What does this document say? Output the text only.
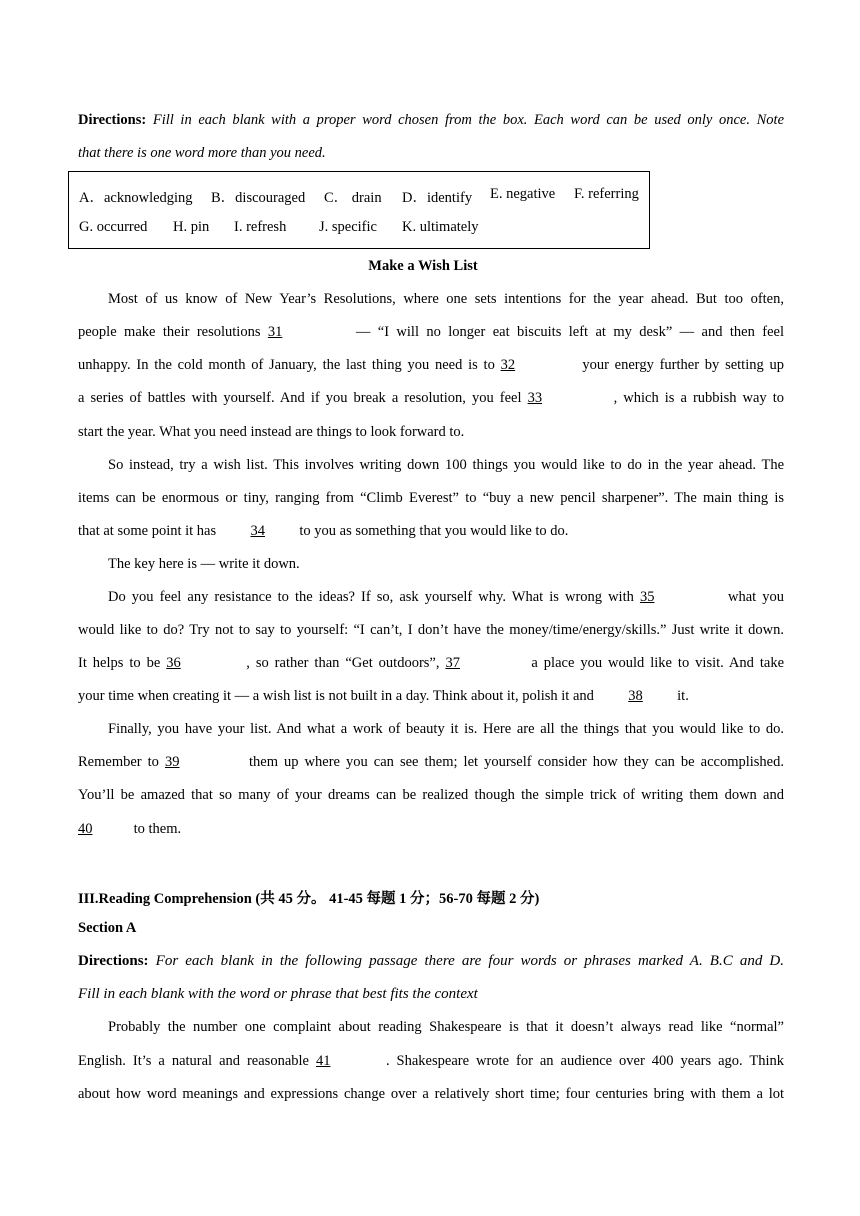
Directions: Fill in each blank with a proper word chosen from the box. Each word can be used only once. Note
that there is one word more than you need.
A．acknowledging B．discouraged C． drain D．identify E. negative F. referring
G. occurred H. pin I. refresh J. specific K. ultimately
Make a Wish List
Most of us know of New Year’s Resolutions, where one sets intentions for the year ahead. But too often,
people make their resolutions 31	— “I will no longer eat biscuits left at my desk” — and then feel
unhappy. In the cold month of January, the last thing you need is to 32	your energy further by setting up
a series of battles with yourself. And if you break a resolution, you feel 33	, which is a rubbish way to
start the year. What you need instead are things to look forward to.
So instead, try a wish list. This involves writing down 100 things you would like to do in the year ahead. The
items can be enormous or tiny, ranging from “Climb Everest” to “buy a new pencil sharpener”. The main thing is
that at some point it has 34 to you as something that you would like to do.
The key here is — write it down.
Do you feel any resistance to the ideas? If so, ask yourself why. What is wrong with 35	what you
would like to do? Try not to say to yourself: “I can’t, I don’t have the money/time/energy/skills.” Just write it down.
It helps to be 36	, so rather than “Get outdoors”, 37	a place you would like to visit. And take
your time when creating it — a wish list is not built in a day. Think about it, polish it and 38 it.
Finally, you have your list. And what a work of beauty it is. Here are all the things that you would like to do.
Remember to 39	them up where you can see them; let yourself consider how they can be accomplished.
You’ll be amazed that so many of your dreams can be realized though the simple trick of writing them down and
40	to them.
III.Reading Comprehension (共 45 分。 41-45 每题 1 分；56-70 每题 2 分)
Section A
Directions: For each blank in the following passage there are four words or phrases marked A. B.C and D.
Fill in each blank with the word or phrase that best fits the context
Probably the number one complaint about reading Shakespeare is that it doesn’t always read like “normal”
English. It’s a natural and reasonable 41	. Shakespeare wrote for an audience over 400 years ago. Think
about how word meanings and expressions change over a relatively short time; four centuries bring with them a lot
